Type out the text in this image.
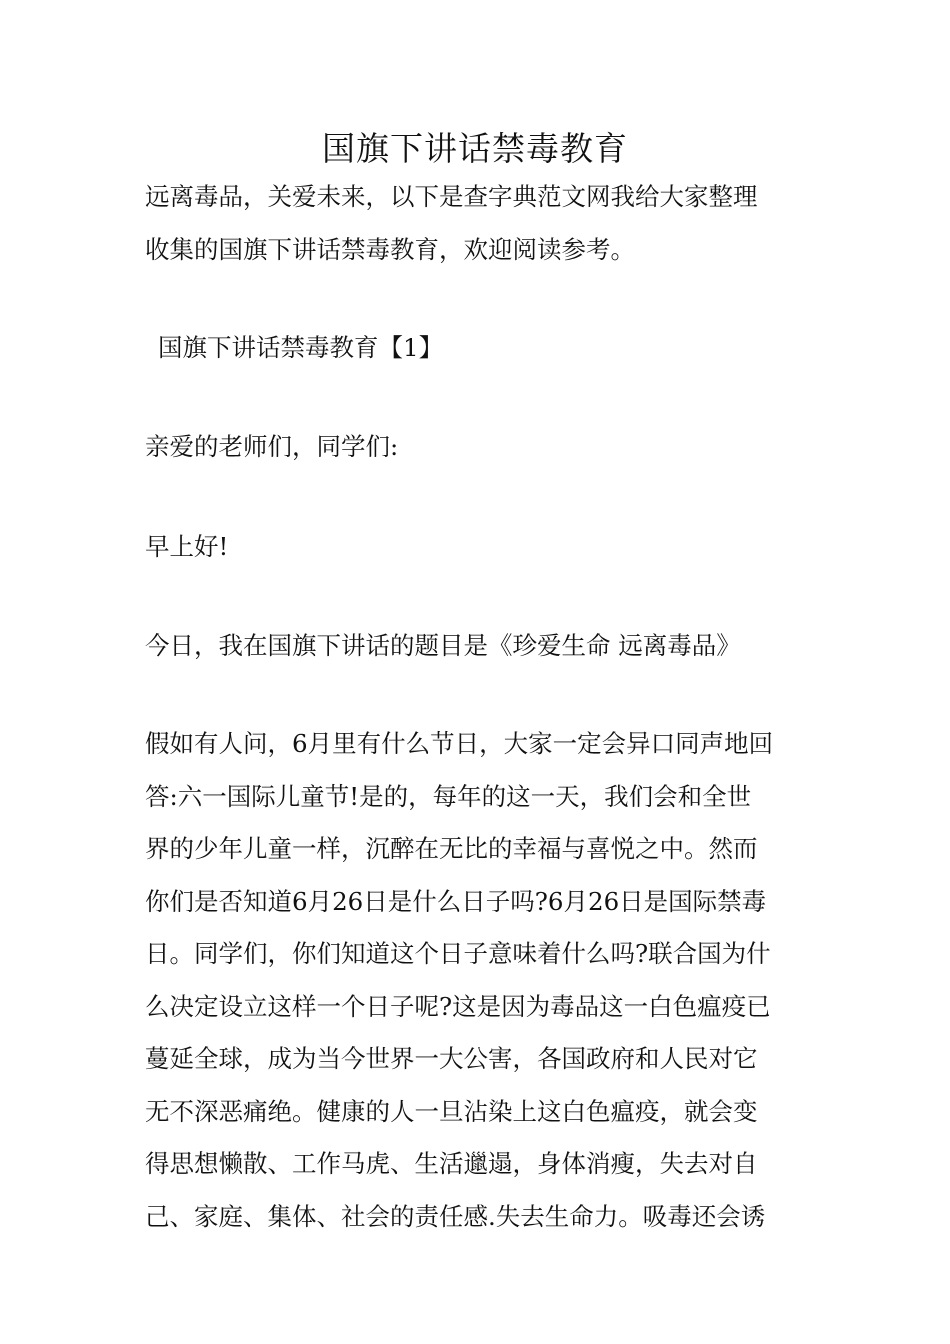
国旗下讲话禁毒教育
远离毒品，关爱未来，以下是查字典范文网我给大家整理
收集的国旗下讲话禁毒教育，欢迎阅读参考。
国旗下讲话禁毒教育【1】
亲爱的老师们，同学们:
早上好!
今日，我在国旗下讲话的题目是《珍爱生命 远离毒品》
假如有人问，6月里有什么节日，大家一定会异口同声地回
答:六一国际儿童节!是的，每年的这一天，我们会和全世
界的少年儿童一样，沉醉在无比的幸福与喜悦之中。然而
你们是否知道6月26日是什么日子吗?6月26日是国际禁毒
日。同学们，你们知道这个日子意味着什么吗?联合国为什
么决定设立这样一个日子呢?这是因为毒品这一白色瘟疫已
蔓延全球，成为当今世界一大公害，各国政府和人民对它
无不深恶痛绝。健康的人一旦沾染上这白色瘟疫，就会变
得思想懒散、工作马虎、生活邋遢，身体消瘦，失去对自
己、家庭、集体、社会的责任感.失去生命力。吸毒还会诱
